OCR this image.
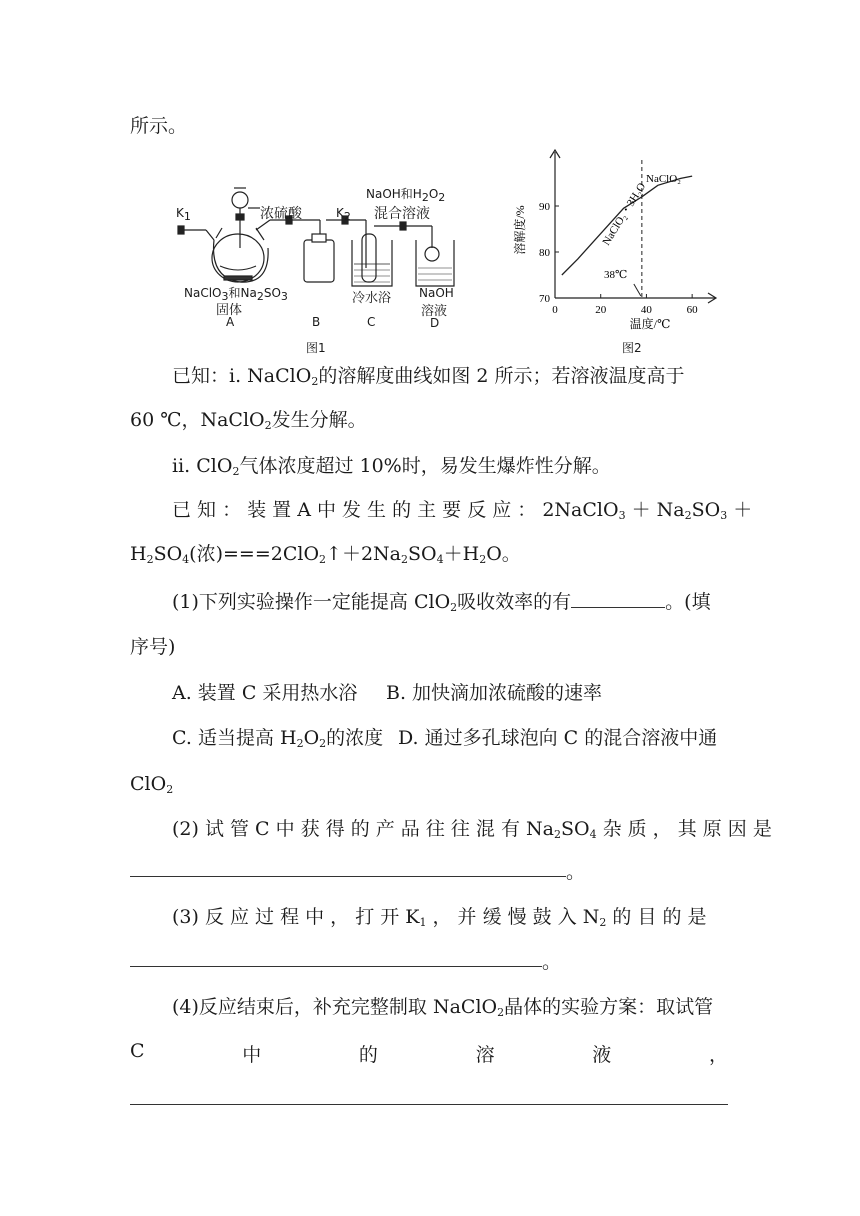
所示。
$K_1$	浓硫酸	$K_2$
NaOH和$H_2O_2$
混合溶液
NaClO$_3$和$Na_2SO_3$
固体
A	B
冷水浴
C
NaOH
溶液
D
图1
0	20	40	60
70
80
90	NaClO₂・3H₂O
NaClO₂
38℃
溶解度/%
温度/℃
图2
已知：ⅰ. NaClO$_2$的溶解度曲线如图 2 所示；若溶液温度高于
60 ℃，NaClO$_2$发生分解。
ⅱ. ClO$_2$气体浓度超过 10%时，易发生爆炸性分解。
已 知 ： 装 置 A 中 发 生 的 主 要 反 应 ： 2NaClO$_3$ ＋ $Na_2SO_3$ ＋
$H_2SO_4$(浓)$===2ClO_2↑+2Na_2SO_4+H_2O$。
(1)下列实验操作一定能提高 ClO$_2$吸收效率的有	。(填
序号)
A. 装置 C 采用热水浴 B. 加快滴加浓硫酸的速率
C. 适当提高 $H_2O_2$的浓度 D. 通过多孔球泡向 C 的混合溶液中通
ClO$_2$
(2) 试 管 C 中 获 得 的 产 品 往 往 混 有 $Na_2SO_4$ 杂 质 ， 其 原 因 是
。
(3) 反 应 过 程 中 ， 打 开 $K_1$ ， 并 缓 慢 鼓 入 $N_2$ 的 目 的 是
。
(4)反应结束后，补充完整制取 NaClO$_2$晶体的实验方案：取试管
C	中	的	溶	液	，
